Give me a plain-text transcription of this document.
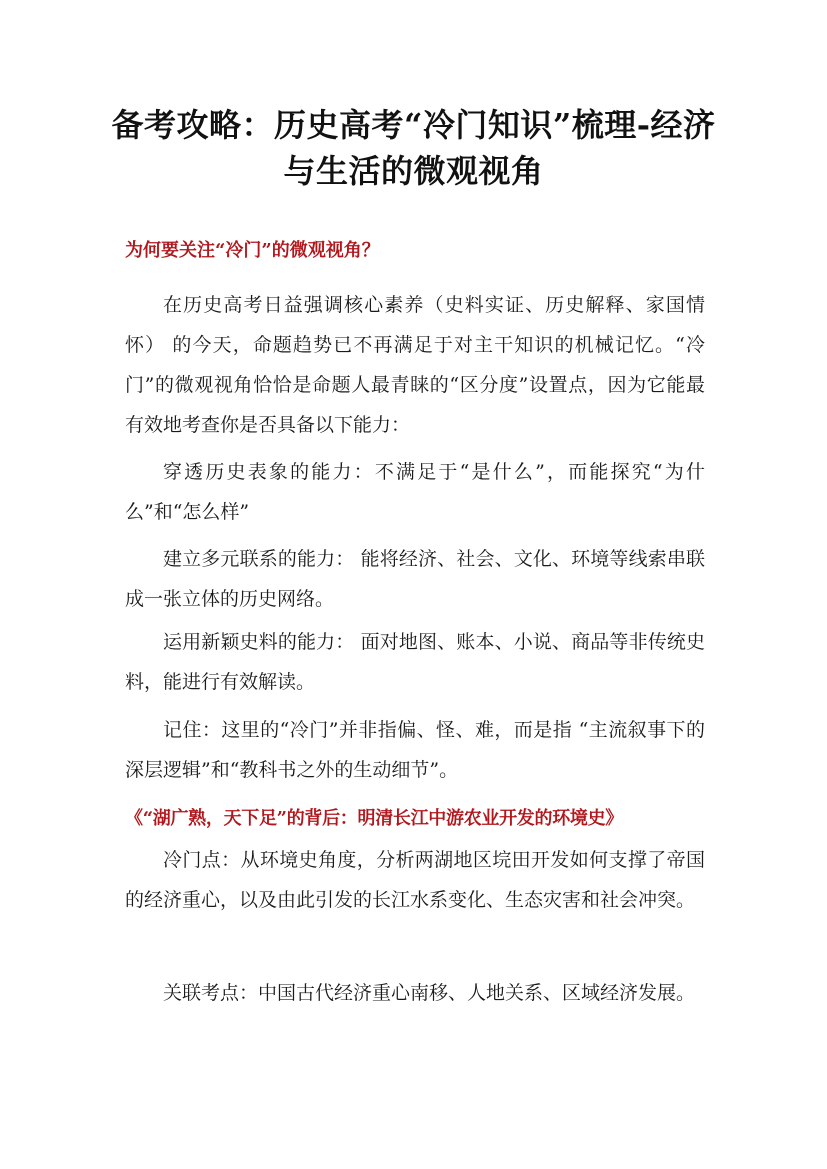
备考攻略：历史高考“冷门知识”梳理-经济与生活的微观视角
为何要关注“冷门”的微观视角？
在历史高考日益强调核心素养（史料实证、历史解释、家国情怀） 的今天，命题趋势已不再满足于对主干知识的机械记忆。“冷门”的微观视角恰恰是命题人最青睐的“区分度”设置点，因为它能最有效地考查你是否具备以下能力：
穿透历史表象的能力：不满足于“是什么”，而能探究“为什么”和“怎么样”
建立多元联系的能力： 能将经济、社会、文化、环境等线索串联成一张立体的历史网络。
运用新颖史料的能力： 面对地图、账本、小说、商品等非传统史料，能进行有效解读。
记住：这里的“冷门”并非指偏、怪、难，而是指 “主流叙事下的深层逻辑”和“教科书之外的生动细节”。
《“湖广熟，天下足”的背后：明清长江中游农业开发的环境史》
冷门点：从环境史角度，分析两湖地区垸田开发如何支撑了帝国的经济重心，以及由此引发的长江水系变化、生态灾害和社会冲突。
关联考点：中国古代经济重心南移、人地关系、区域经济发展。
